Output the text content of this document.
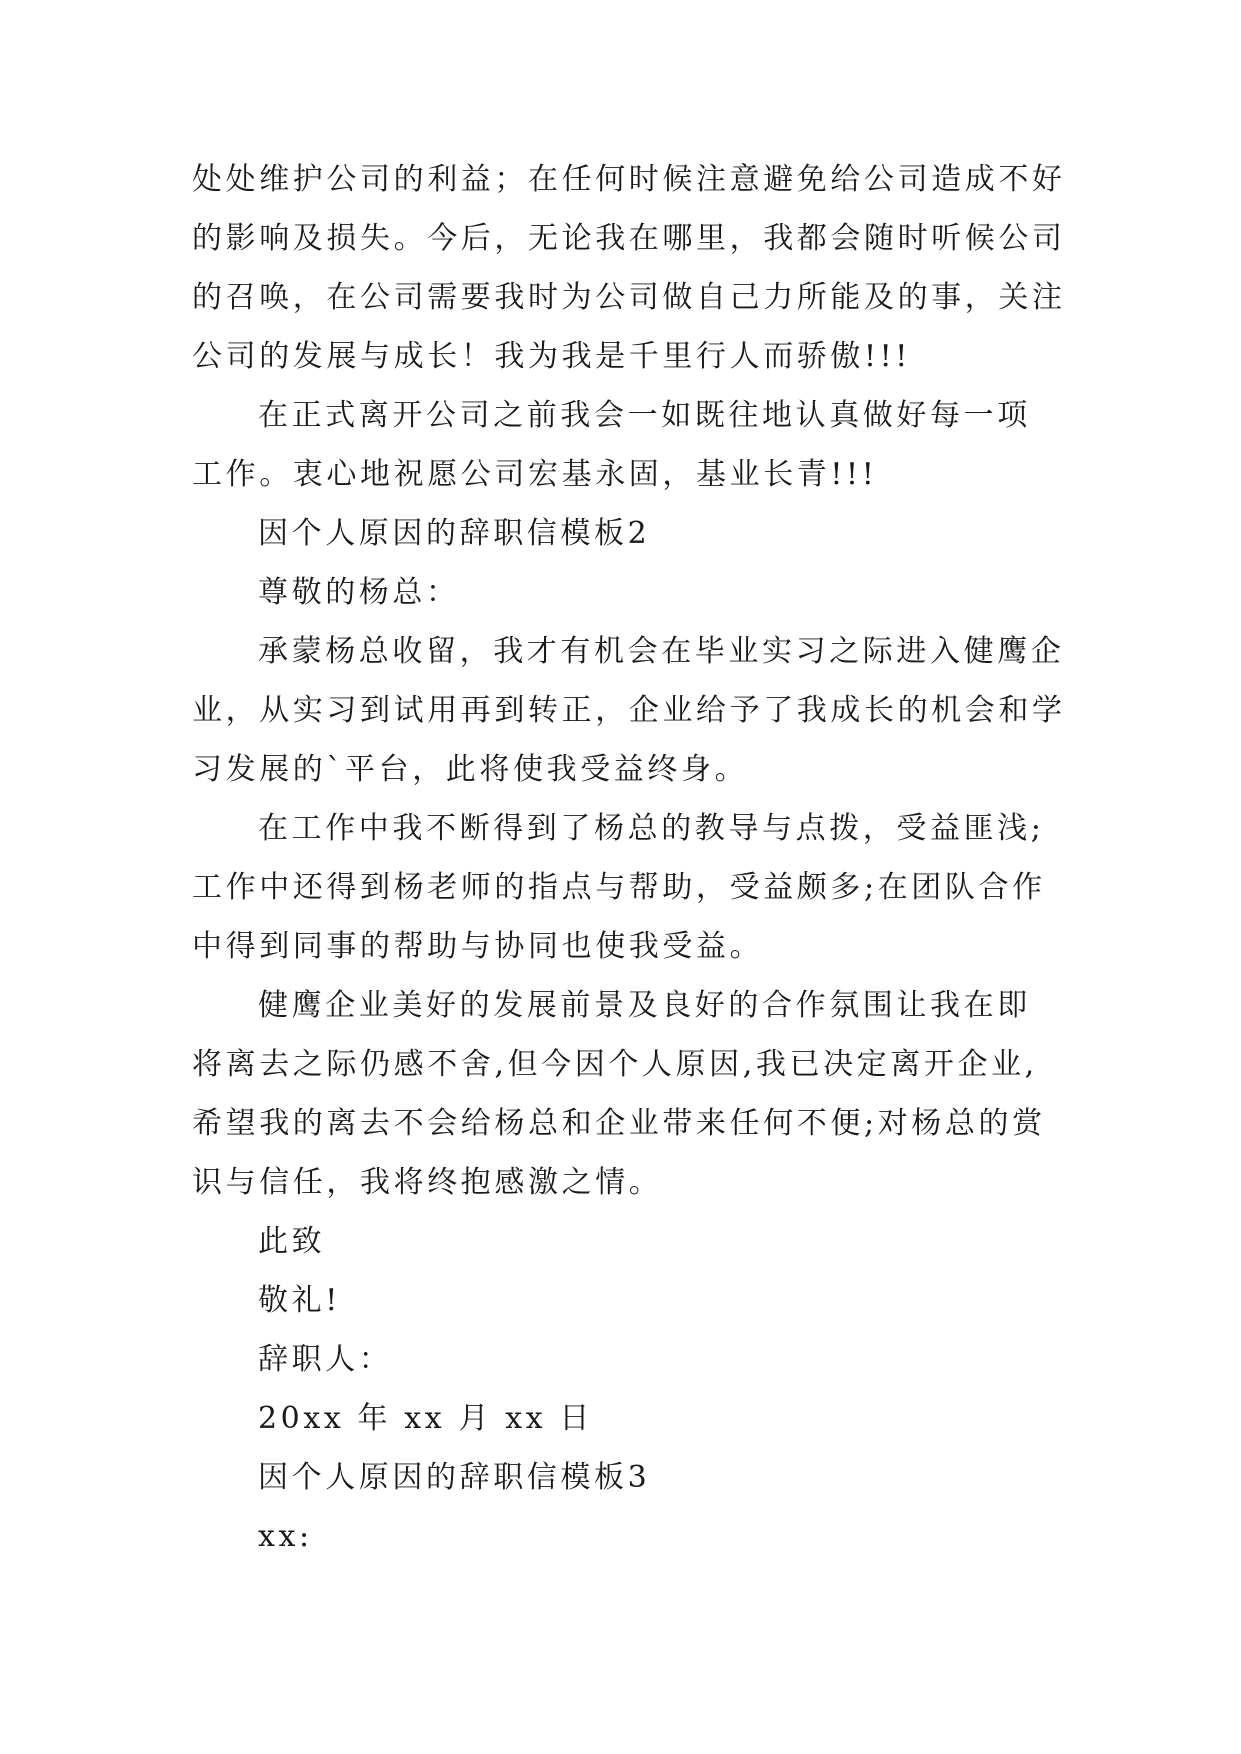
处处维护公司的利益；在任何时候注意避免给公司造成不好
的影响及损失。今后，无论我在哪里，我都会随时听候公司
的召唤，在公司需要我时为公司做自己力所能及的事，关注
公司的发展与成长！我为我是千里行人而骄傲!!!
在正式离开公司之前我会一如既往地认真做好每一项
工作。衷心地祝愿公司宏基永固，基业长青!!!
因个人原因的辞职信模板2
尊敬的杨总：
承蒙杨总收留，我才有机会在毕业实习之际进入健鹰企
业，从实习到试用再到转正，企业给予了我成长的机会和学
习发展的`平台，此将使我受益终身。
在工作中我不断得到了杨总的教导与点拨，受益匪浅;
工作中还得到杨老师的指点与帮助，受益颇多;在团队合作
中得到同事的帮助与协同也使我受益。
健鹰企业美好的发展前景及良好的合作氛围让我在即
将离去之际仍感不舍,但今因个人原因,我已决定离开企业,
希望我的离去不会给杨总和企业带来任何不便;对杨总的赏
识与信任，我将终抱感激之情。
此致
敬礼!
辞职人：
20xx 年 xx 月 xx 日
因个人原因的辞职信模板3
xx:
